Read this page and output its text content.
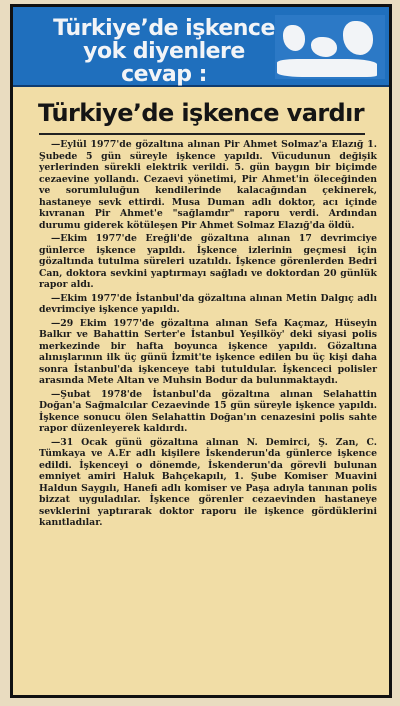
Türkiye’de işkence
yok diyenlere cevap :
Türkiye’de işkence vardır

—Eylül 1977'de gözaltına alınan Pir Ahmet Solmaz'a Elazığ 1. Şubede 5 gün süreyle işkence yapıldı. Vücudunun değişik yerlerinden sürekli elektrik verildi. 5. gün baygın bir biçimde cezaevine yollandı. Cezaevi yönetimi, Pir Ahmet'in öleceğinden ve sorumluluğun kendilerinde kalacağından çekinerek, hastaneye sevk ettirdi. Musa Duman adlı doktor, acı içinde kıvranan Pir Ahmet'e "sağlamdır" raporu verdi. Ardından durumu giderek kötüleşen Pir Ahmet Solmaz Elazığ'da öldü.

—Ekim 1977'de Ereğli'de gözaltına alınan 17 devrimciye günlerce işkence yapıldı. İşkence izlerinin geçmesi için gözaltında tutulma süreleri uzatıldı. İşkence görenlerden Bedri Can, doktora sevkini yaptırmayı sağladı ve doktordan 20 günlük rapor aldı.

—Ekim 1977'de İstanbul'da gözaltına alınan Metin Dalgıç adlı devrimciye işkence yapıldı.

—29 Ekim 1977'de gözaltına alınan Sefa Kaçmaz, Hüseyin Balkır ve Bahattin Serter'e İstanbul Yeşilköy' deki siyasi polis merkezinde bir hafta boyunca işkence yapıldı. Gözaltına alınışlarının ilk üç günü İzmit'te işkence edilen bu üç kişi daha sonra İstanbul'da işkenceye tabi tutuldular. İşkenceci polisler arasında Mete Altan ve Muhsin Bodur da bulunmaktaydı.

—Şubat 1978'de İstanbul'da gözaltına alınan Selahattin Doğan'a Sağmalcılar Cezaevinde 15 gün süreyle işkence yapıldı. İşkence sonucu ölen Selahattin Doğan'ın cenazesini polis sahte rapor düzenleyerek kaldırdı.

—31 Ocak günü gözaltına alınan N. Demirci, Ş. Zan, C. Tümkaya ve A.Er adlı kişilere İskenderun'da günlerce işkence edildi. İşkenceyi o dönemde, İskenderun'da görevli bulunan emniyet amiri Haluk Bahçekapılı, 1. Şube Komiser Muavini Haldun Saygılı, Hanefi adlı komiser ve Paşa adıyla tanınan polis bizzat uyguladılar. İşkence görenler cezaevinden hastaneye sevklerini yaptırarak doktor raporu ile işkence gördüklerini kanıtladılar.
